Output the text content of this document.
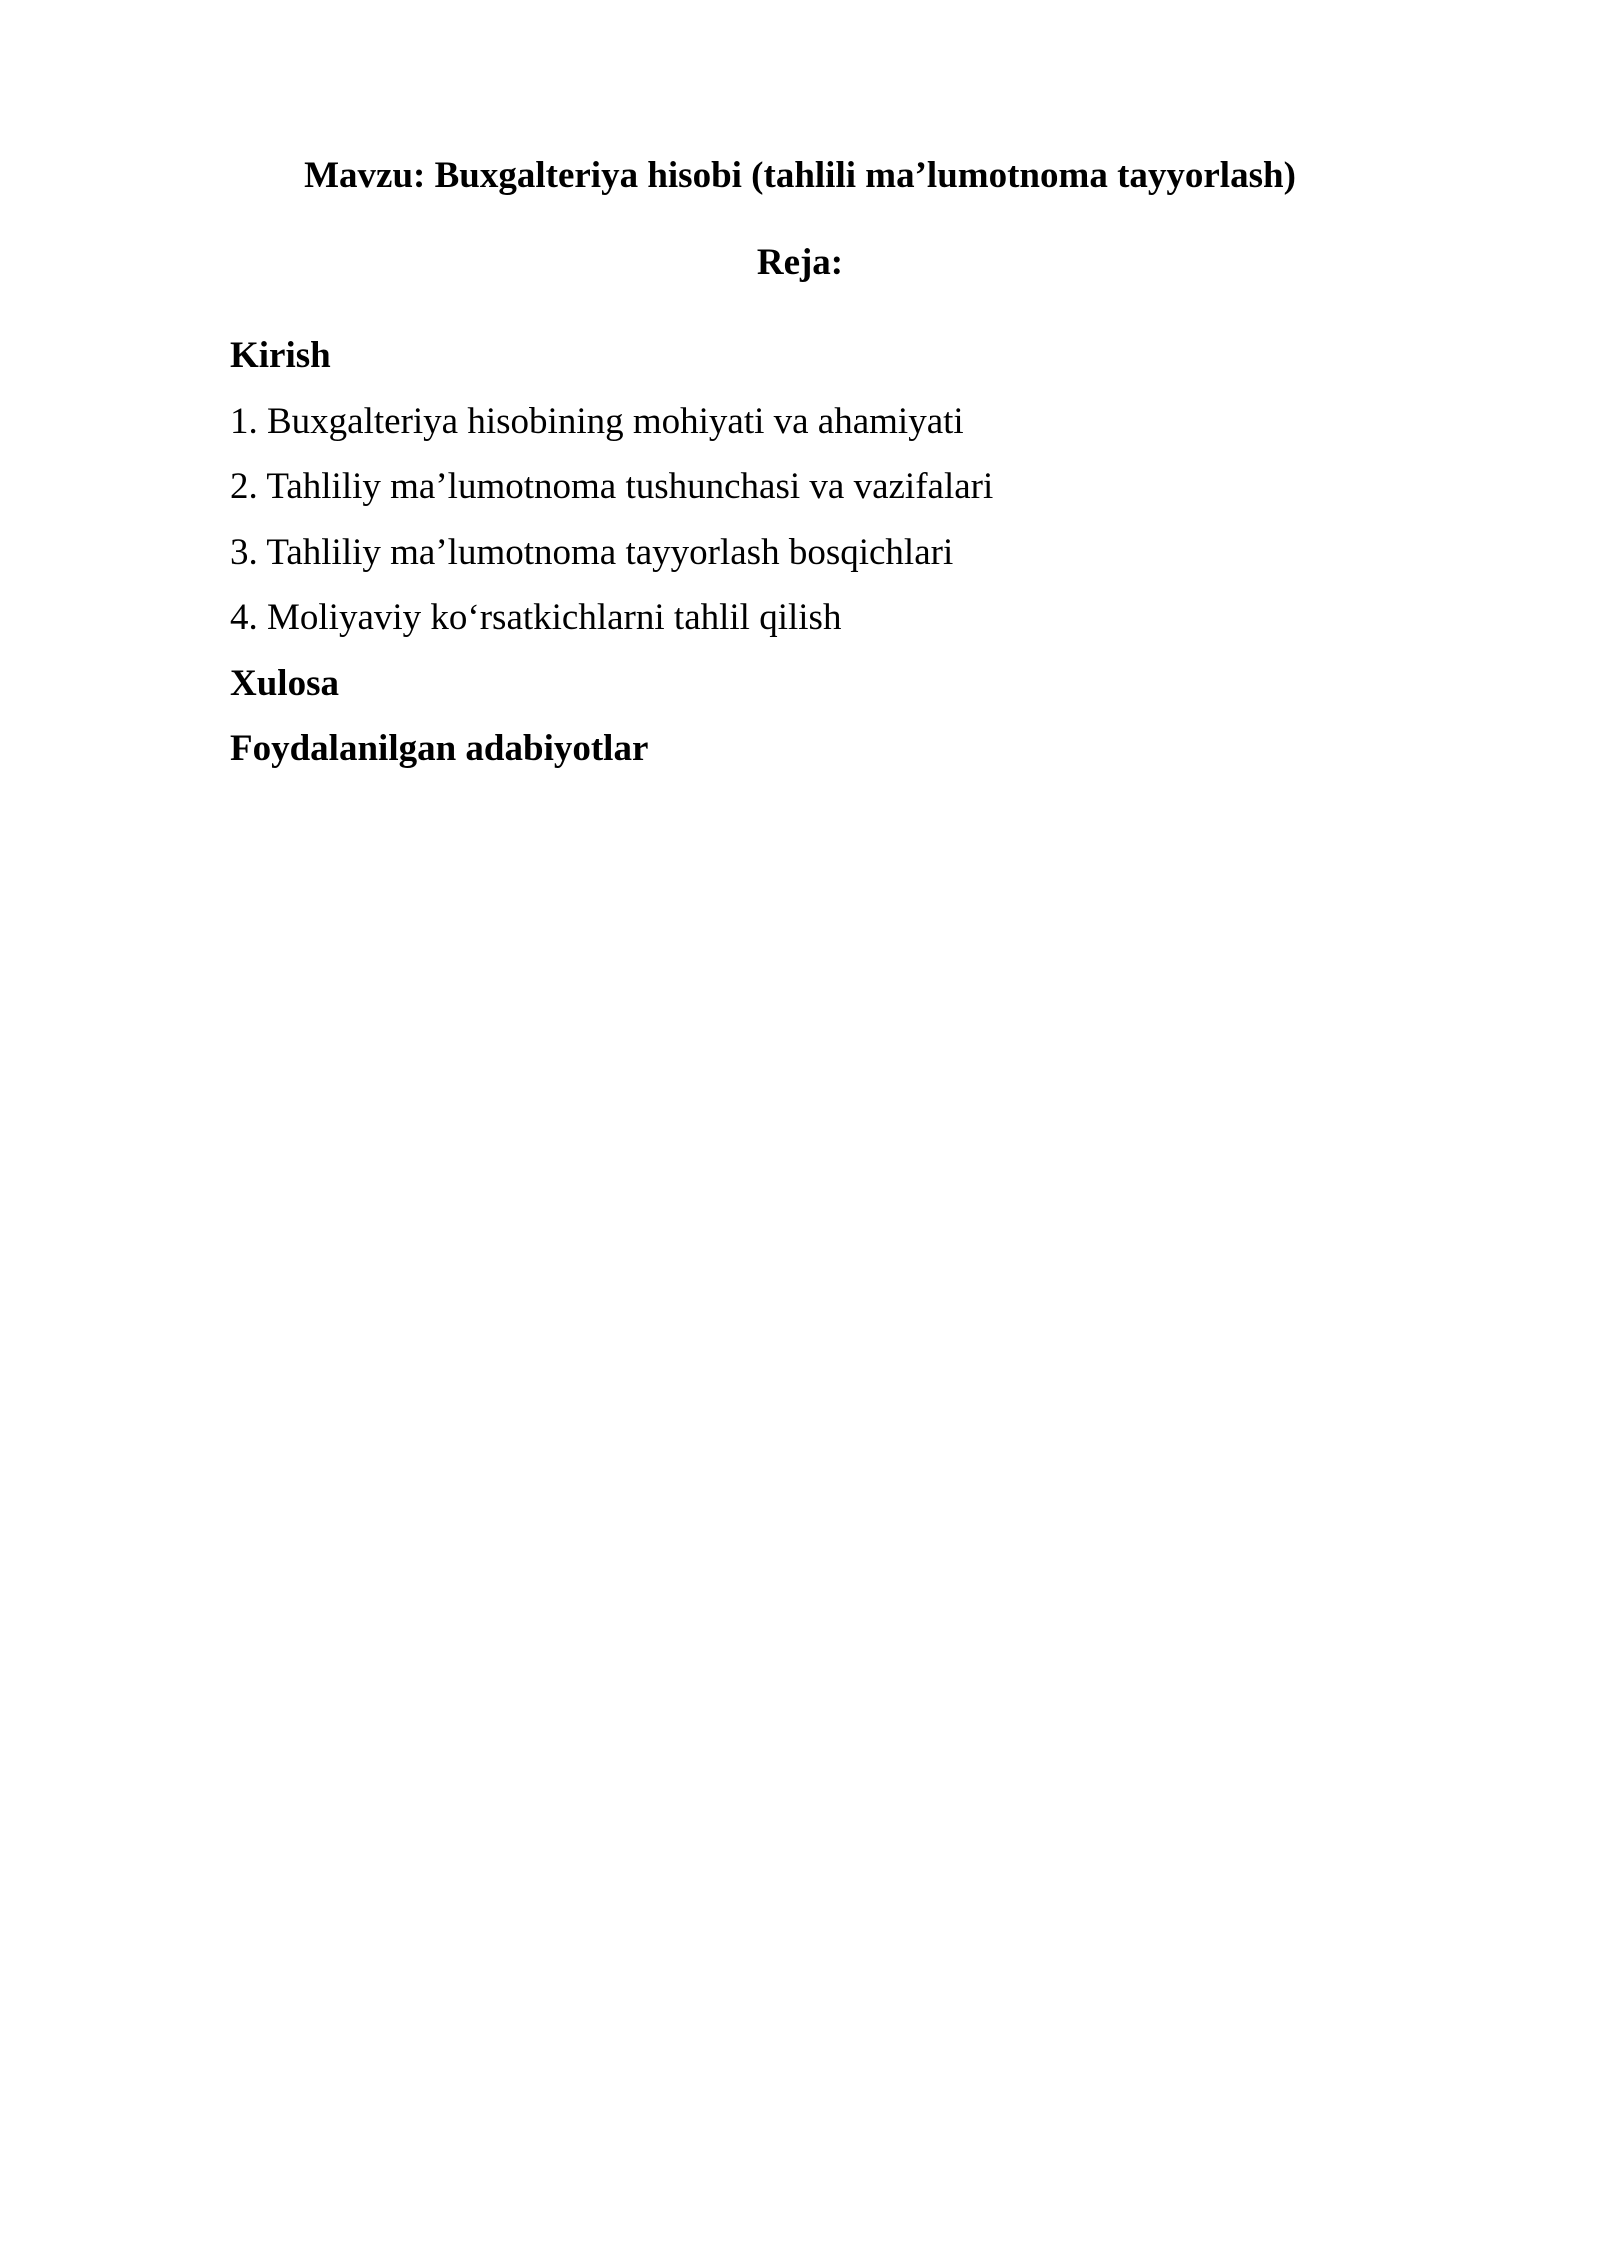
Mavzu: Buxgalteriya hisobi (tahlili ma’lumotnoma tayyorlash)
Reja:
Kirish
1. Buxgalteriya hisobining mohiyati va ahamiyati
2. Tahliliy ma’lumotnoma tushunchasi va vazifalari
3. Tahliliy ma’lumotnoma tayyorlash bosqichlari
4. Moliyaviy ko‘rsatkichlarni tahlil qilish
Xulosa
Foydalanilgan adabiyotlar
